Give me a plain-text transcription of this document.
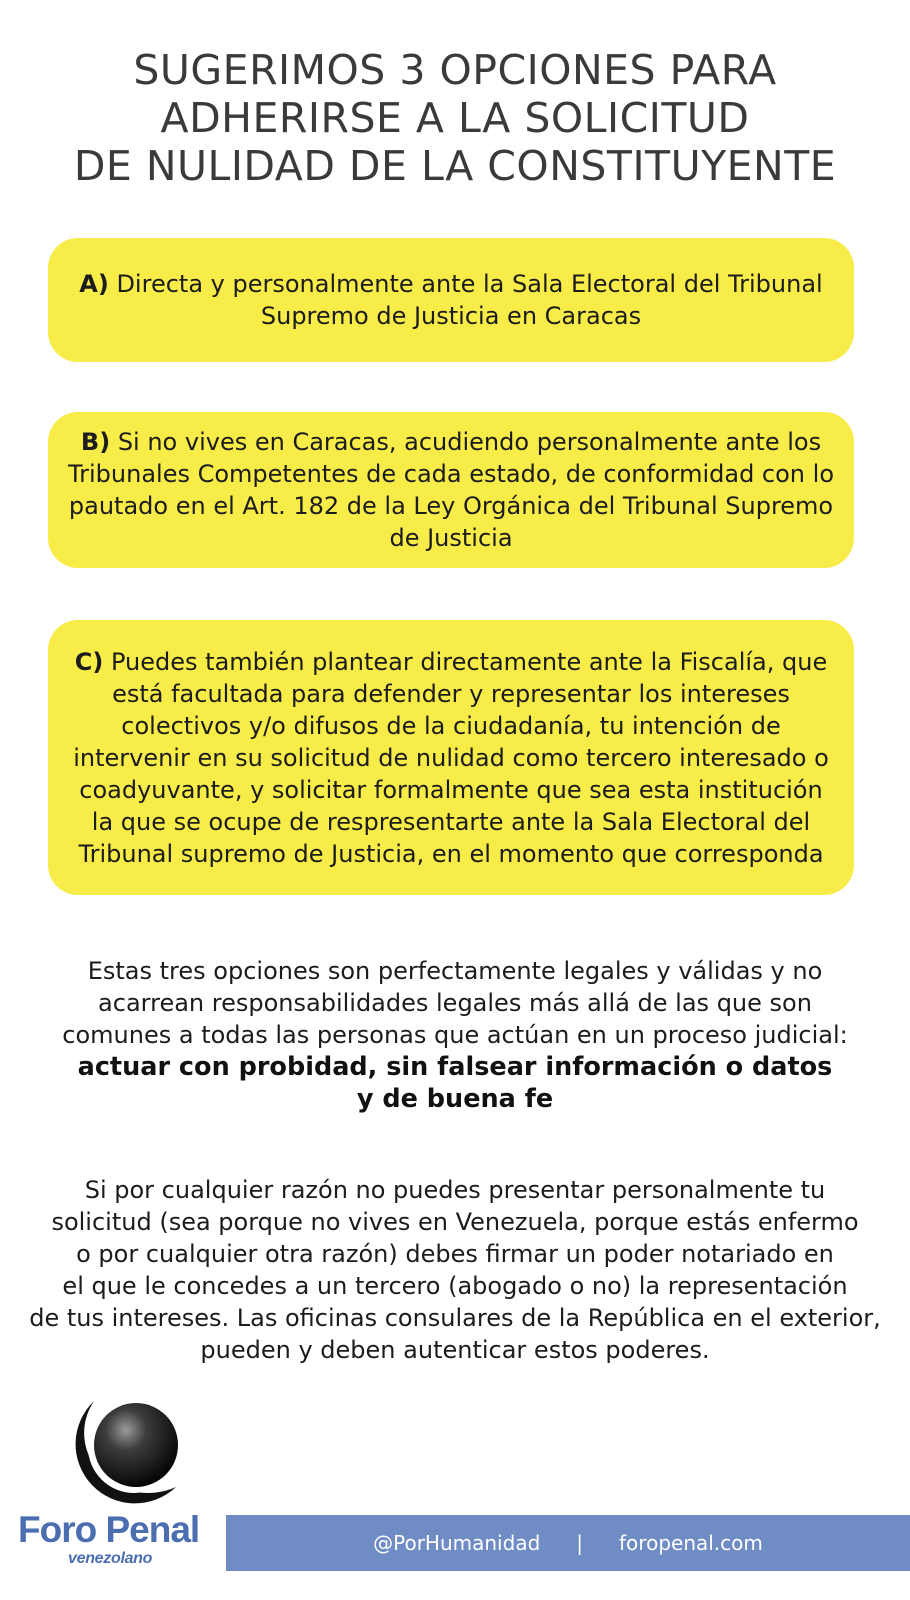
SUGERIMOS 3 OPCIONES PARA
ADHERIRSE A LA SOLICITUD
DE NULIDAD DE LA CONSTITUYENTE

A) Directa y personalmente ante la Sala Electoral del Tribunal Supremo de Justicia en Caracas

B) Si no vives en Caracas, acudiendo personalmente ante los Tribunales Competentes de cada estado, de conformidad con lo pautado en el Art. 182 de la Ley Orgánica del Tribunal Supremo de Justicia

C) Puedes también plantear directamente ante la Fiscalía, que está facultada para defender y representar los intereses colectivos y/o difusos de la ciudadanía, tu intención de intervenir en su solicitud de nulidad como tercero interesado o coadyuvante, y solicitar formalmente que sea esta institución la que se ocupe de respresentarte ante la Sala Electoral del Tribunal supremo de Justicia, en el momento que corresponda

Estas tres opciones son perfectamente legales y válidas y no
acarrean responsabilidades legales más allá de las que son
comunes a todas las personas que actúan en un proceso judicial:
actuar con probidad, sin falsear información o datos
y de buena fe
Si por cualquier razón no puedes presentar personalmente tu
solicitud (sea porque no vives en Venezuela, porque estás enfermo
o por cualquier otra razón) debes firmar un poder notariado en
el que le concedes a un tercero (abogado o no) la representación
de tus intereses. Las oficinas consulares de la República en el exterior,
pueden y deben autenticar estos poderes.
Foro Penal
venezolano
@PorHumanidad | foropenal.com
